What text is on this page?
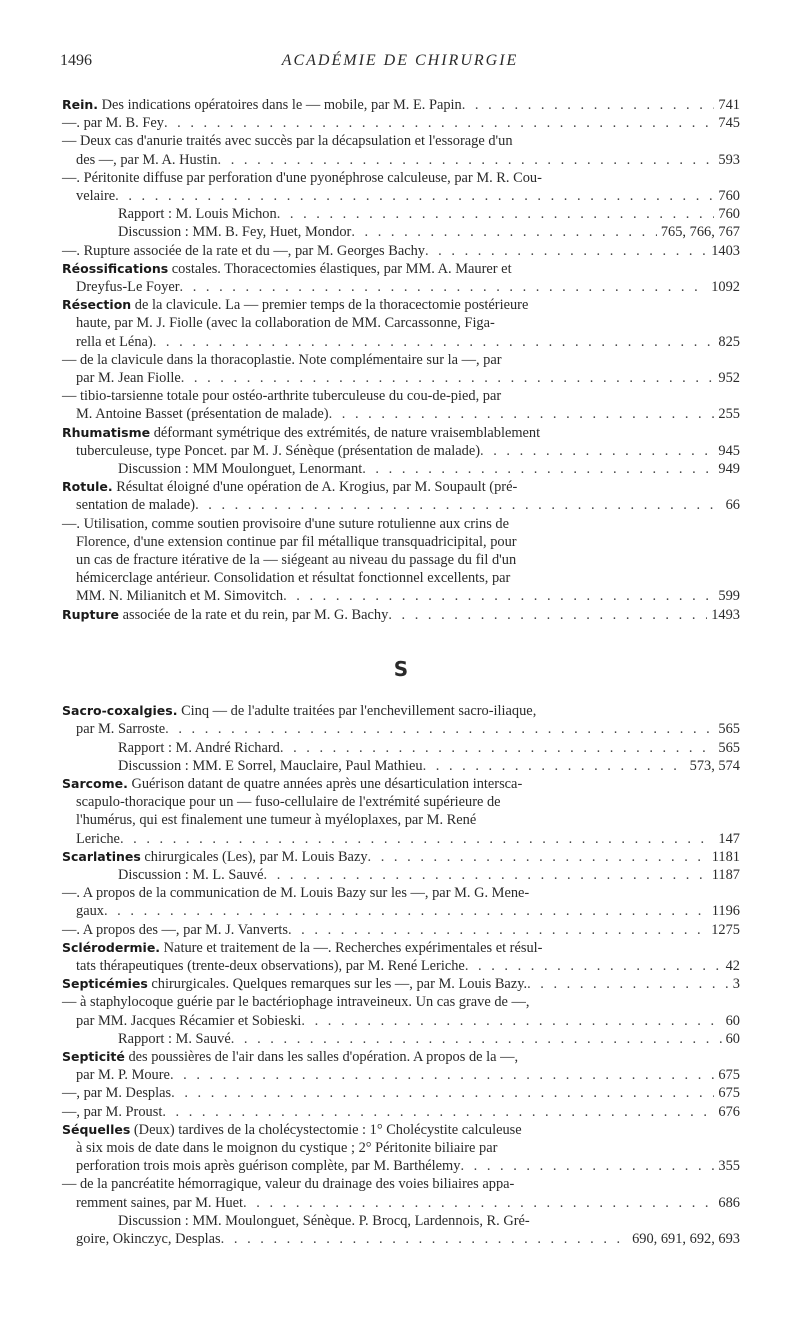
1496	ACADÉMIE DE CHIRURGIE
Rein. Des indications opératoires dans le — mobile, par M. E. Papin . . .	741
—. par M. B. Fey . . .	745
— Deux cas d'anurie traités avec succès par la décapsulation et l'essorage d'un
des —, par M. A. Hustin . . .	593
—. Péritonite diffuse par perforation d'une pyonéphrose calculeuse, par M. R. Cou-
velaire . . .	760
Rapport : M. Louis Michon . . .	760
Discussion : MM. B. Fey, Huet, Mondor . . .	765, 766, 767
—. Rupture associée de la rate et du —, par M. Georges Bachy . . .	1403
Réossifications costales. Thoracectomies élastiques, par MM. A. Maurer et
Dreyfus-Le Foyer . . .	1092
Résection de la clavicule. La — premier temps de la thoracectomie postérieure
haute, par M. J. Fiolle (avec la collaboration de MM. Carcassonne, Figa-
rella et Léna) . . .	825
— de la clavicule dans la thoracoplastie. Note complémentaire sur la —, par
par M. Jean Fiolle . . .	952
— tibio-tarsienne totale pour ostéo-arthrite tuberculeuse du cou-de-pied, par
M. Antoine Basset (présentation de malade) . . .	255
Rhumatisme déformant symétrique des extrémités, de nature vraisemblablement
tuberculeuse, type Poncet. par M. J. Sénèque (présentation de malade) . . .	945
Discussion : MM Moulonguet, Lenormant . . .	949
Rotule. Résultat éloigné d'une opération de A. Krogius, par M. Soupault (pré-
sentation de malade) . . .	66
—. Utilisation, comme soutien provisoire d'une suture rotulienne aux crins de
Florence, d'une extension continue par fil métallique transquadricipital, pour
un cas de fracture itérative de la — siégeant au niveau du passage du fil d'un
hémicerclage antérieur. Consolidation et résultat fonctionnel excellents, par
MM. N. Milianitch et M. Simovitch . . .	599
Rupture associée de la rate et du rein, par M. G. Bachy . . .	1493
S
Sacro-coxalgies. Cinq — de l'adulte traitées par l'enchevillement sacro-iliaque,
par M. Sarroste . . .	565
Rapport : M. André Richard . . .	565
Discussion : MM. E Sorrel, Mauclaire, Paul Mathieu . . .	573, 574
Sarcome. Guérison datant de quatre années après une désarticulation intersca-
scapulo-thoracique pour un — fuso-cellulaire de l'extrémité supérieure de
l'humérus, qui est finalement une tumeur à myéloplaxes, par M. René
Leriche . . .	147
Scarlatines chirurgicales (Les), par M. Louis Bazy . . .	1181
Discussion : M. L. Sauvé . . .	1187
—. A propos de la communication de M. Louis Bazy sur les —, par M. G. Mene-
gaux . . .	1196
—. A propos des —, par M. J. Vanverts . . .	1275
Sclérodermie. Nature et traitement de la —. Recherches expérimentales et résul-
tats thérapeutiques (trente-deux observations), par M. René Leriche . . .	42
Septicémies chirurgicales. Quelques remarques sur les —, par M. Louis Bazy. . . .	3
— à staphylocoque guérie par le bactériophage intraveineux. Un cas grave de —,
par MM. Jacques Récamier et Sobieski . . .	60
Rapport : M. Sauvé . . .	60
Septicité des poussières de l'air dans les salles d'opération. A propos de la —,
par M. P. Moure . . .	675
—, par M. Desplas . . .	675
—, par M. Proust . . .	676
Séquelles (Deux) tardives de la cholécystectomie : 1° Cholécystite calculeuse
à six mois de date dans le moignon du cystique ; 2° Péritonite biliaire par
perforation trois mois après guérison complète, par M. Barthélemy . . .	355
— de la pancréatite hémorragique, valeur du drainage des voies biliaires appa-
remment saines, par M. Huet . . .	686
Discussion : MM. Moulonguet, Sénèque. P. Brocq, Lardennois, R. Gré-
goire, Okinczyc, Desplas . . .	690, 691, 692, 693
